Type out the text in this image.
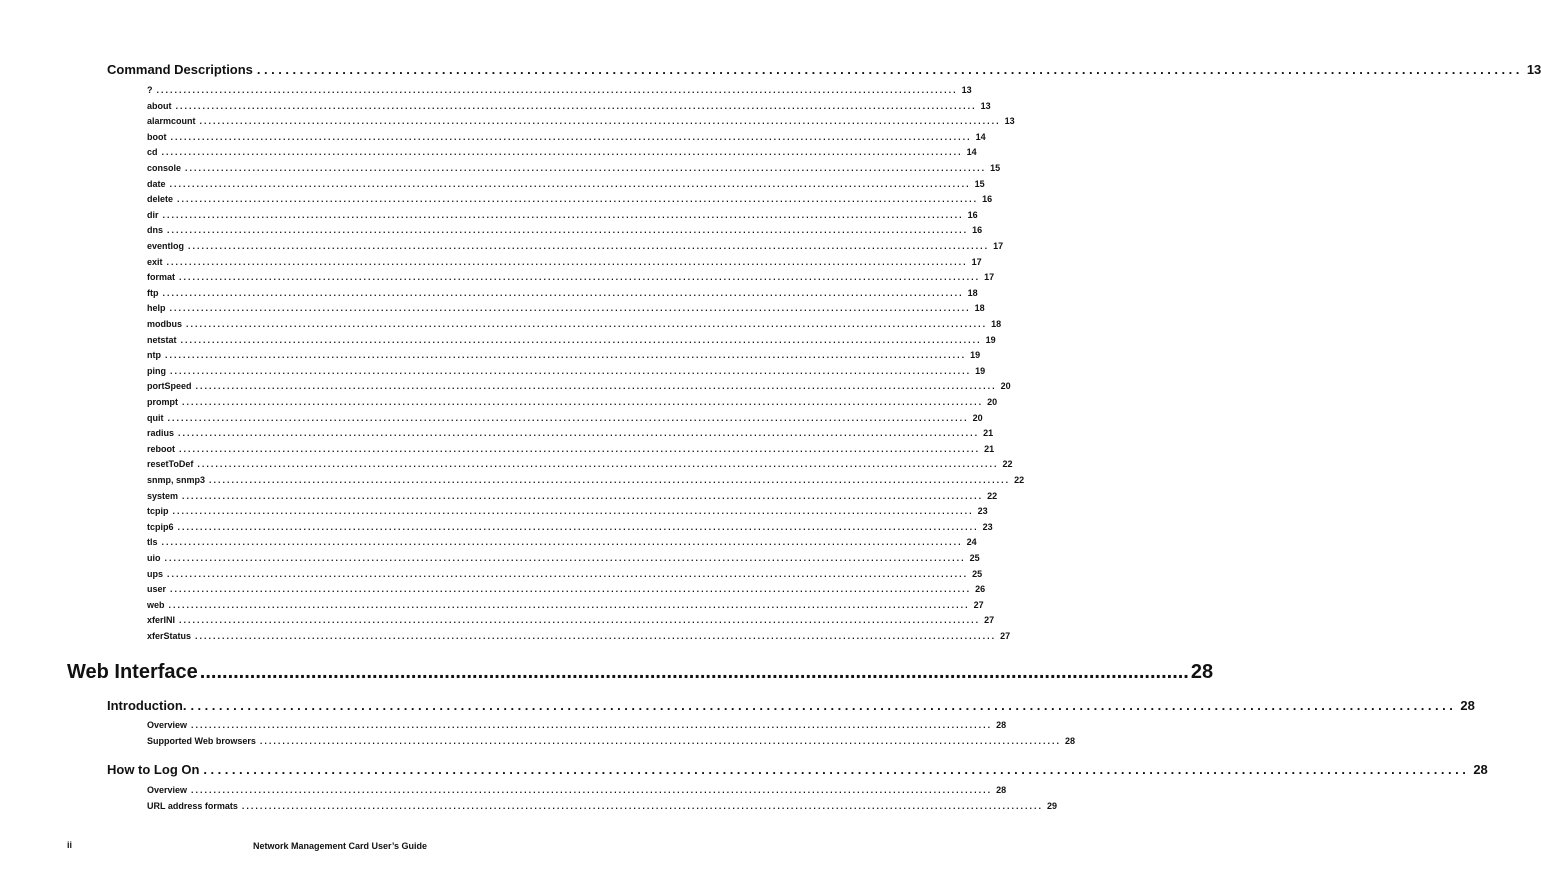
Command Descriptions .................................................................................................................................................................................. 13
? .................................................................................................................................................................................. 13
about .................................................................................................................................................................................. 13
alarmcount .................................................................................................................................................................................. 13
boot .................................................................................................................................................................................. 14
cd .................................................................................................................................................................................. 14
console .................................................................................................................................................................................. 15
date .................................................................................................................................................................................. 15
delete .................................................................................................................................................................................. 16
dir .................................................................................................................................................................................. 16
dns .................................................................................................................................................................................. 16
eventlog .................................................................................................................................................................................. 17
exit .................................................................................................................................................................................. 17
format .................................................................................................................................................................................. 17
ftp .................................................................................................................................................................................. 18
help .................................................................................................................................................................................. 18
modbus .................................................................................................................................................................................. 18
netstat .................................................................................................................................................................................. 19
ntp .................................................................................................................................................................................. 19
ping .................................................................................................................................................................................. 19
portSpeed .................................................................................................................................................................................. 20
prompt .................................................................................................................................................................................. 20
quit .................................................................................................................................................................................. 20
radius .................................................................................................................................................................................. 21
reboot .................................................................................................................................................................................. 21
resetToDef .................................................................................................................................................................................. 22
snmp, snmp3 .................................................................................................................................................................................. 22
system .................................................................................................................................................................................. 22
tcpip .................................................................................................................................................................................. 23
tcpip6 .................................................................................................................................................................................. 23
tls .................................................................................................................................................................................. 24
uio .................................................................................................................................................................................. 25
ups .................................................................................................................................................................................. 25
user .................................................................................................................................................................................. 26
web .................................................................................................................................................................................. 27
xferINI .................................................................................................................................................................................. 27
xferStatus .................................................................................................................................................................................. 27
Web Interface .................................................................................................................................................................................. 28
Introduction. .................................................................................................................................................................................. 28
Overview .................................................................................................................................................................................. 28
Supported Web browsers .................................................................................................................................................................................. 28
How to Log On .................................................................................................................................................................................. 28
Overview .................................................................................................................................................................................. 28
URL address formats .................................................................................................................................................................................. 29
ii	Network Management Card User’s Guide
